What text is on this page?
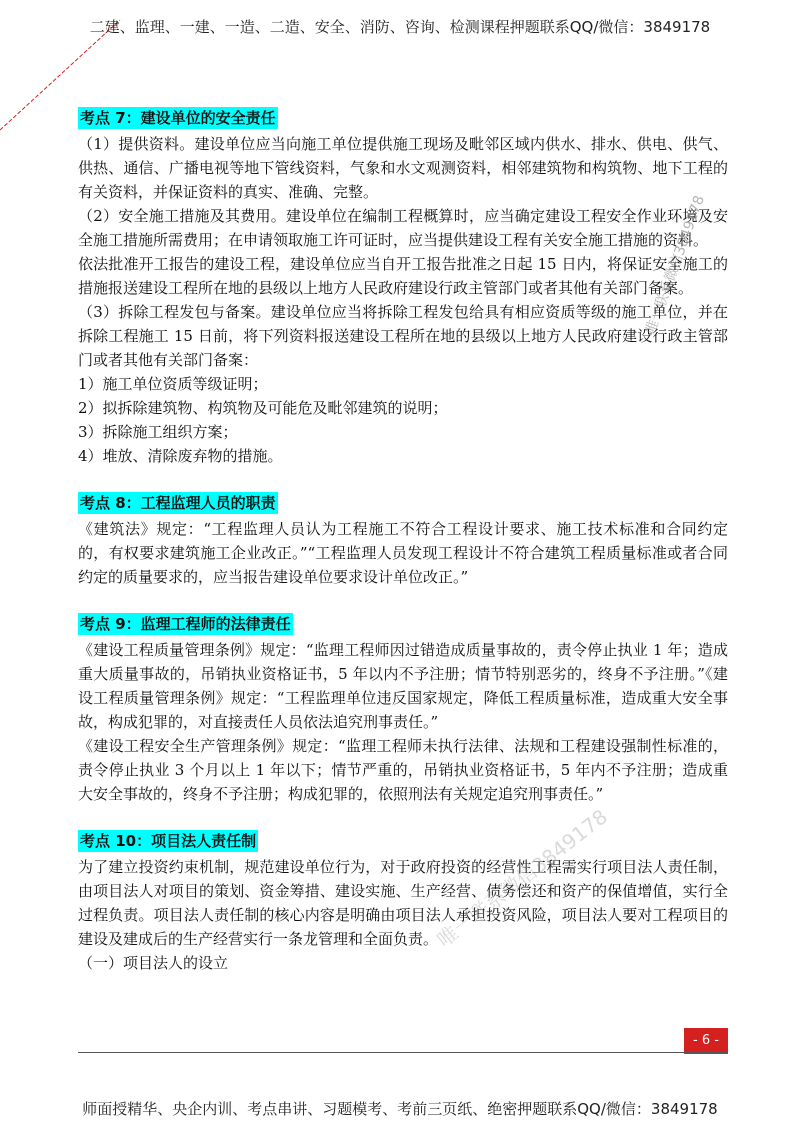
二建、监理、一建、一造、二造、安全、消防、咨询、检测课程押题联系QQ/微信：3849178
考点 7：建设单位的安全责任

（1）提供资料。建设单位应当向施工单位提供施工现场及毗邻区域内供水、排水、供电、供气、供热、通信、广播电视等地下管线资料，气象和水文观测资料，相邻建筑物和构筑物、地下工程的有关资料，并保证资料的真实、准确、完整。

（2）安全施工措施及其费用。建设单位在编制工程概算时，应当确定建设工程安全作业环境及安全施工措施所需费用；在申请领取施工许可证时，应当提供建设工程有关安全施工措施的资料。

依法批准开工报告的建设工程，建设单位应当自开工报告批准之日起 15 日内，将保证安全施工的措施报送建设工程所在地的县级以上地方人民政府建设行政主管部门或者其他有关部门备案。

（3）拆除工程发包与备案。建设单位应当将拆除工程发包给具有相应资质等级的施工单位，并在拆除工程施工 15 日前，将下列资料报送建设工程所在地的县级以上地方人民政府建设行政主管部门或者其他有关部门备案：

1）施工单位资质等级证明；

2）拟拆除建筑物、构筑物及可能危及毗邻建筑的说明；

3）拆除施工组织方案；

4）堆放、清除废弃物的措施。

考点 8：工程监理人员的职责

《建筑法》规定：“工程监理人员认为工程施工不符合工程设计要求、施工技术标准和合同约定的，有权要求建筑施工企业改正。”“工程监理人员发现工程设计不符合建筑工程质量标准或者合同约定的质量要求的，应当报告建设单位要求设计单位改正。”

考点 9：监理工程师的法律责任

《建设工程质量管理条例》规定：“监理工程师因过错造成质量事故的，责令停止执业 1 年；造成重大质量事故的，吊销执业资格证书，5 年以内不予注册；情节特别恶劣的，终身不予注册。”《建设工程质量管理条例》规定：“工程监理单位违反国家规定，降低工程质量标准，造成重大安全事故，构成犯罪的，对直接责任人员依法追究刑事责任。”

《建设工程安全生产管理条例》规定：“监理工程师未执行法律、法规和工程建设强制性标准的，责令停止执业 3 个月以上 1 年以下；情节严重的，吊销执业资格证书，5 年内不予注册；造成重大安全事故的，终身不予注册；构成犯罪的，依照刑法有关规定追究刑事责任。”

考点 10：项目法人责任制

为了建立投资约束机制，规范建设单位行为，对于政府投资的经营性工程需实行项目法人责任制，由项目法人对项目的策划、资金筹措、建设实施、生产经营、债务偿还和资产的保值增值，实行全过程负责。项目法人责任制的核心内容是明确由项目法人承担投资风险，项目法人要对工程项目的建设及建成后的生产经营实行一条龙管理和全面负责。

（一）项目法人的设立

唯一联系微信3849178
唯一联系微信3849178
- 6 -
师面授精华、央企内训、考点串讲、习题模考、考前三页纸、绝密押题联系QQ/微信：3849178
